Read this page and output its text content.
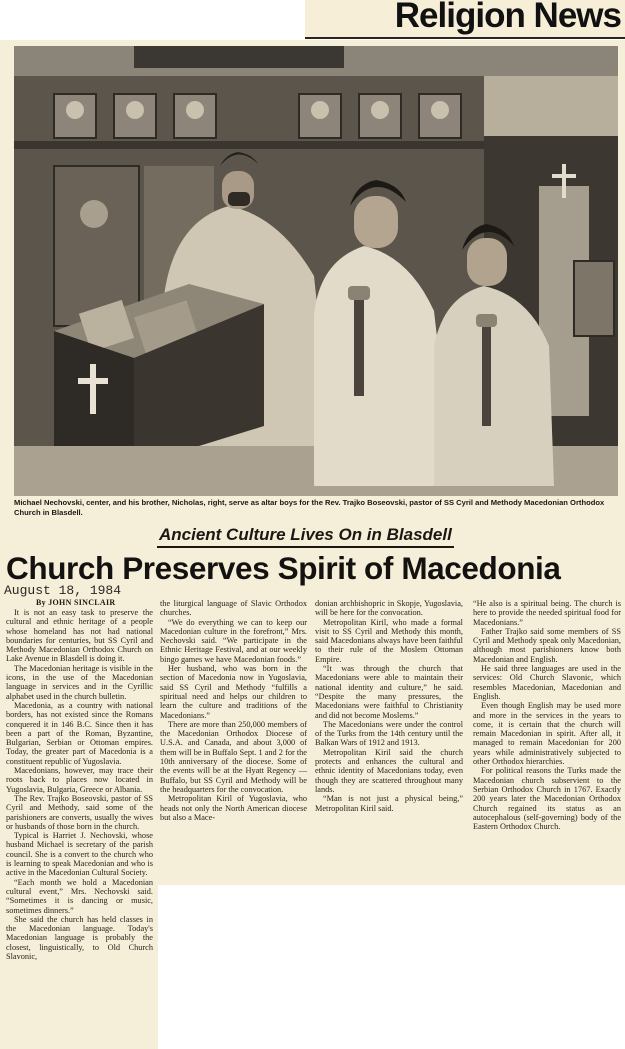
Religion News
Michael Nechovski, center, and his brother, Nicholas, right, serve as altar boys for the Rev. Trajko Boseovski, pastor of SS Cyril and Methody Macedonian Orthodox Church in Blasdell.
Ancient Culture Lives On in Blasdell
Church Preserves Spirit of Macedonia
August 18, 1984
By JOHN SINCLAIR

It is not an easy task to preserve the cultural and ethnic heritage of a people whose homeland has not had national boundaries for centuries, but SS Cyril and Methody Macedonian Orthodox Church on Lake Avenue in Blasdell is doing it.

The Macedonian heritage is visible in the icons, in the use of the Macedonian language in services and in the Cyrillic alphabet used in the church bulletin.

Macedonia, as a country with national borders, has not existed since the Romans conquered it in 146 B.C. Since then it has been a part of the Roman, Byzantine, Bulgarian, Serbian or Ottoman empires. Today, the greater part of Macedonia is a constituent republic of Yugoslavia.

Macedonians, however, may trace their roots back to places now located in Yugoslavia, Bulgaria, Greece or Albania.

The Rev. Trajko Boseovski, pastor of SS Cyril and Methody, said some of the parishioners are converts, usually the wives or husbands of those born in the church.

Typical is Harriet J. Nechovski, whose husband Michael is secretary of the parish council. She is a convert to the church who is learning to speak Macedonian and who is active in the Macedonian Cultural Society.

“Each month we hold a Macedonian cultural event,” Mrs. Nechovski said. “Sometimes it is dancing or music, sometimes dinners.”

She said the church has held classes in the Macedonian language. Today's Macedonian language is probably the closest, linguistically, to Old Church Slavonic,

the liturgical language of Slavic Orthodox churches.

“We do everything we can to keep our Macedonian culture in the forefront,” Mrs. Nechovski said. “We participate in the Ethnic Heritage Festival, and at our weekly bingo games we have Macedonian foods.”

Her husband, who was born in the section of Macedonia now in Yugoslavia, said SS Cyril and Methody “fulfills a spiritual need and helps our children to learn the culture and traditions of the Macedonians.”

There are more than 250,000 members of the Macedonian Orthodox Diocese of U.S.A. and Canada, and about 3,000 of them will be in Buffalo Sept. 1 and 2 for the 10th anniversary of the diocese. Some of the events will be at the Hyatt Regency — Buffalo, but SS Cyril and Methody will be the headquarters for the convocation.

Metropolitan Kiril of Yugoslavia, who heads not only the North American diocese but also a Mace-

donian archbishopric in Skopje, Yugoslavia, will be here for the convocation.

Metropolitan Kiril, who made a formal visit to SS Cyril and Methody this month, said Macedonians always have been faithful to their rule of the Moslem Ottoman Empire.

“It was through the church that Macedonians were able to maintain their national identity and culture,” he said. “Despite the many pressures, the Macedonians were faithful to Christianity and did not become Moslems.”

The Macedonians were under the control of the Turks from the 14th century until the Balkan Wars of 1912 and 1913.

Metropolitan Kiril said the church protects and enhances the cultural and ethnic identity of Macedonians today, even though they are scattered throughout many lands.

“Man is not just a physical being,” Metropolitan Kiril said.

“He also is a spiritual being. The church is here to provide the needed spiritual food for Macedonians.”

Father Trajko said some members of SS Cyril and Methody speak only Macedonian, although most parishioners know both Macedonian and English.

He said three languages are used in the services: Old Church Slavonic, which resembles Macedonian, Macedonian and English.

Even though English may be used more and more in the services in the years to come, it is certain that the church will remain Macedonian in spirit. After all, it managed to remain Macedonian for 200 years while administratively subjected to other Orthodox hierarchies.

For political reasons the Turks made the Macedonian church subservient to the Serbian Orthodox Church in 1767. Exactly 200 years later the Macedonian Orthodox Church regained its status as an autocephalous (self-governing) body of the Eastern Orthodox Church.
